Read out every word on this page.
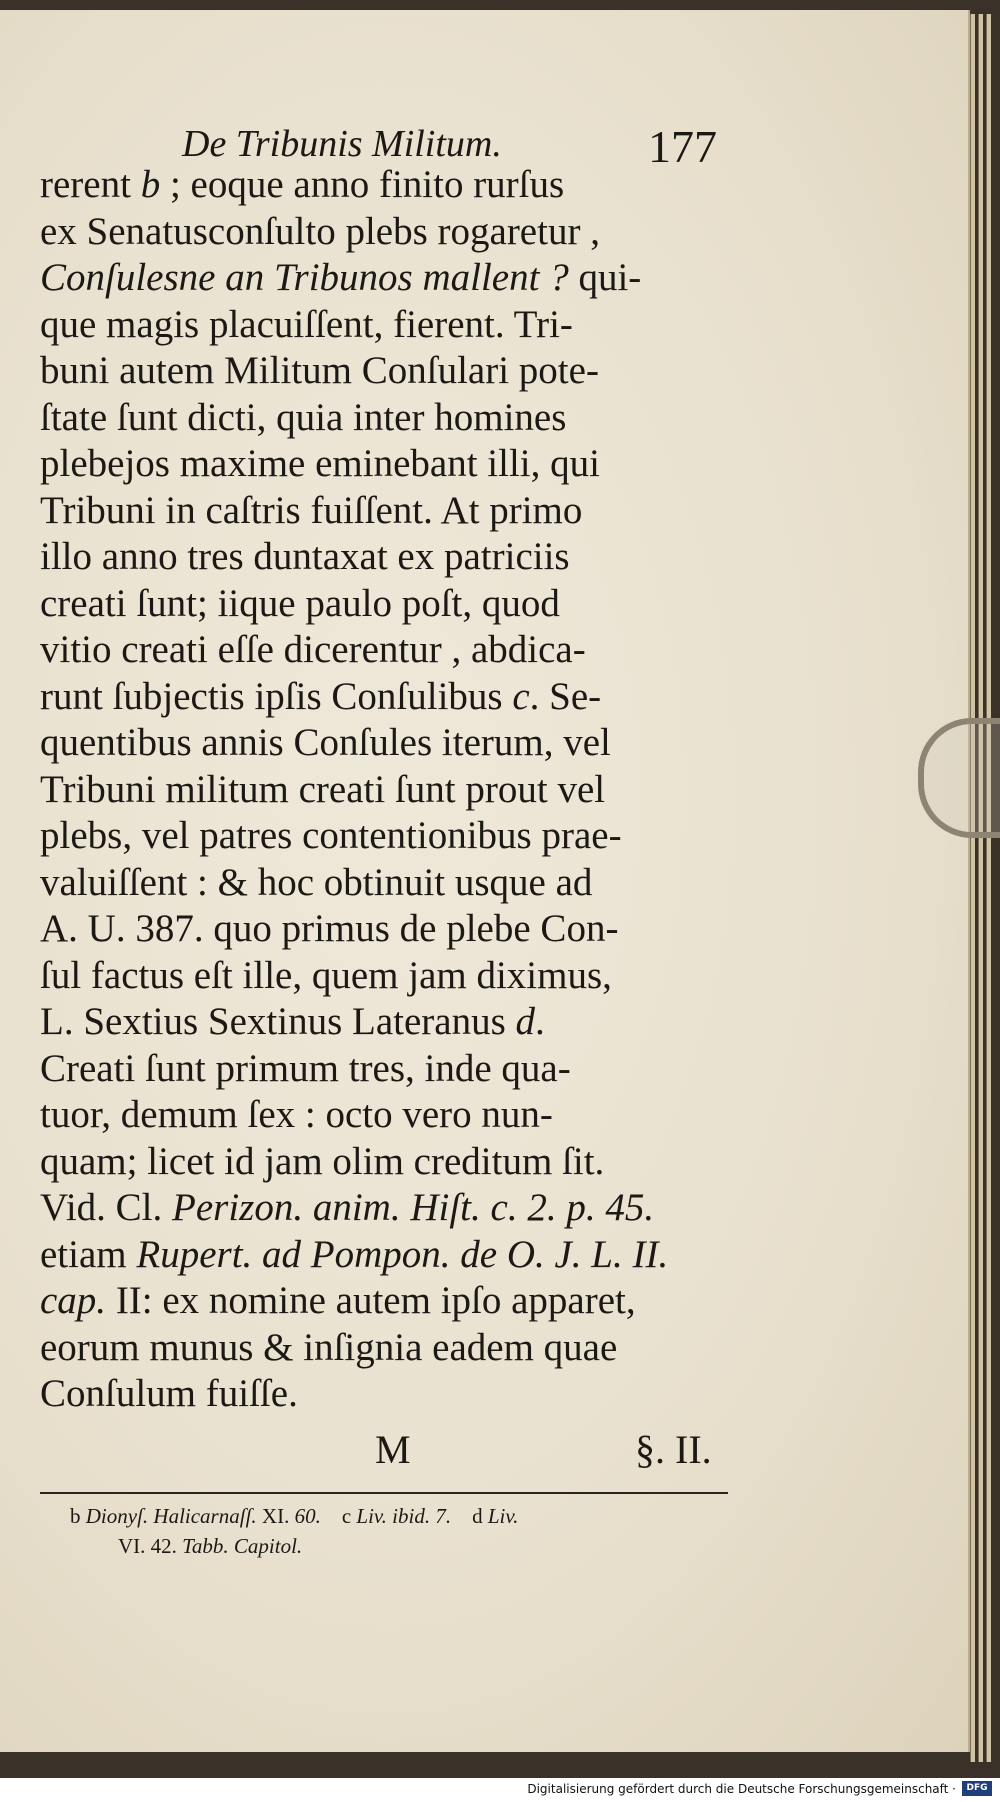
De Tribunis Militum.	177
rerent b ; eoque anno finito rurſus
ex Senatusconſulto plebs rogaretur ,
Conſulesne an Tribunos mallent ? qui-
que magis placuiſſent, fierent. Tri-
buni autem Militum Conſulari pote-
ſtate ſunt dicti, quia inter homines
plebejos maxime eminebant illi, qui
Tribuni in caſtris fuiſſent. At primo
illo anno tres duntaxat ex patriciis
creati ſunt; iique paulo poſt, quod
vitio creati eſſe dicerentur , abdica-
runt ſubjectis ipſis Conſulibus c. Se-
quentibus annis Conſules iterum, vel
Tribuni militum creati ſunt prout vel
plebs, vel patres contentionibus prae-
valuiſſent : & hoc obtinuit usque ad
A. U. 387. quo primus de plebe Con-
ſul factus eſt ille, quem jam diximus,
L. Sextius Sextinus Lateranus d.
Creati ſunt primum tres, inde qua-
tuor, demum ſex : octo vero nun-
quam; licet id jam olim creditum ſit.
Vid. Cl. Perizon. anim. Hiſt. c. 2. p. 45.
etiam Rupert. ad Pompon. de O. J. L. II.
cap. II: ex nomine autem ipſo apparet,
eorum munus & inſignia eadem quae
Conſulum fuiſſe.
M	§. II.
b Dionyſ. Halicarnaſſ. XI. 60.    c Liv. ibid. 7.    d Liv.
VI. 42. Tabb. Capitol.
Digitalisierung gefördert durch die Deutsche Forschungsgemeinschaft ·	DFG
